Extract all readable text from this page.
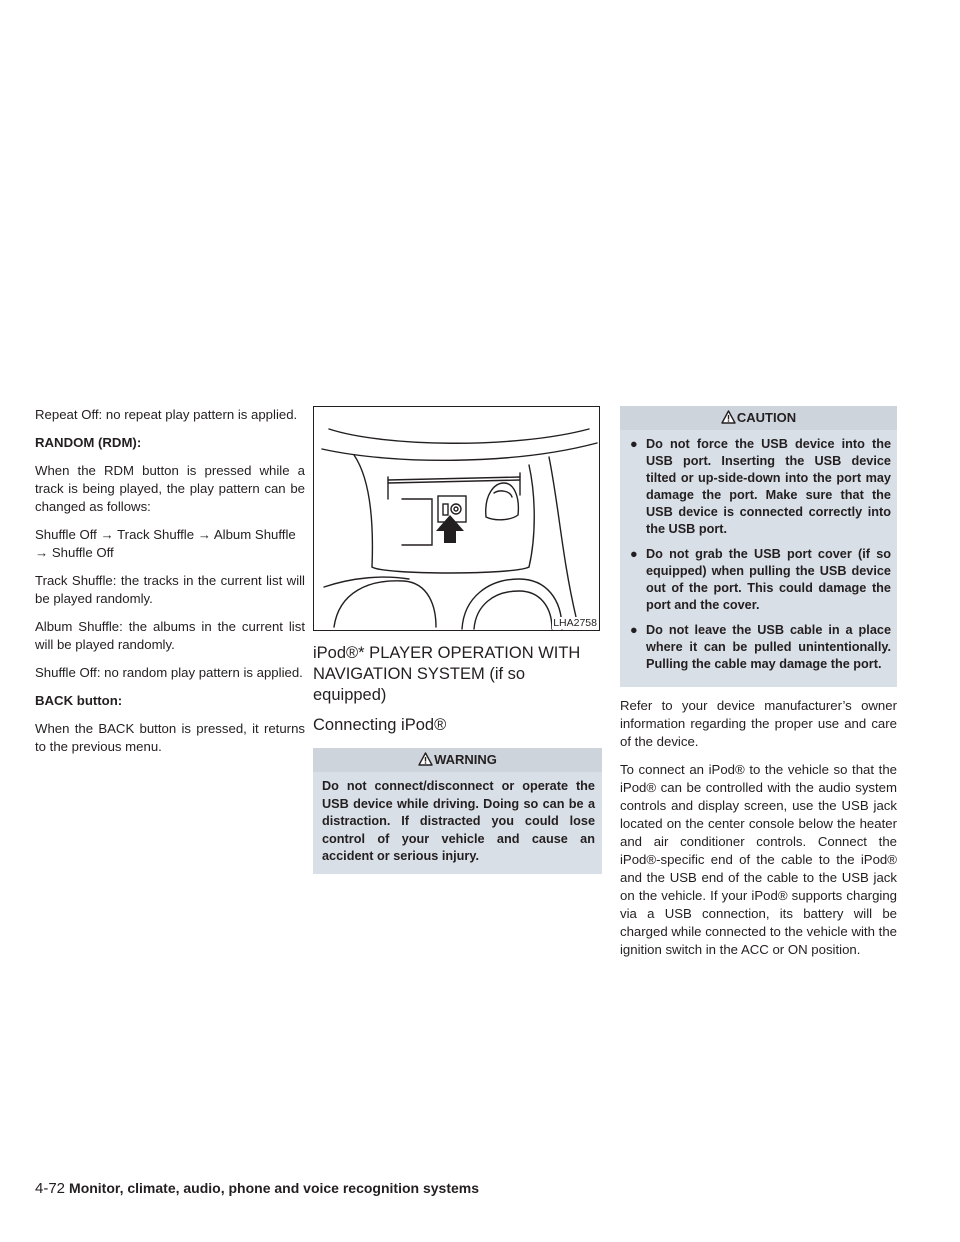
Repeat Off: no repeat play pattern is applied.

RANDOM (RDM):

When the RDM button is pressed while a track is being played, the play pattern can be changed as follows:

Shuffle Off → Track Shuffle → Album Shuffle → Shuffle Off

Track Shuffle: the tracks in the current list will be played randomly.

Album Shuffle: the albums in the current list will be played randomly.

Shuffle Off: no random play pattern is applied.

BACK button:

When the BACK button is pressed, it returns to the previous menu.

LHA2758
iPod®* PLAYER OPERATION WITH NAVIGATION SYSTEM (if so equipped)
Connecting iPod®
WARNING
Do not connect/disconnect or operate the USB device while driving. Doing so can be a distraction. If distracted you could lose control of your vehicle and cause an accident or serious injury.
CAUTION
● Do not force the USB device into the USB port. Inserting the USB device tilted or up-side-down into the port may damage the port. Make sure that the USB device is connected correctly into the USB port.
● Do not grab the USB port cover (if so equipped) when pulling the USB device out of the port. This could damage the port and the cover.
● Do not leave the USB cable in a place where it can be pulled unintentionally. Pulling the cable may damage the port.

Refer to your device manufacturer’s owner information regarding the proper use and care of the device.

To connect an iPod® to the vehicle so that the iPod® can be controlled with the audio system controls and display screen, use the USB jack located on the center console below the heater and air conditioner controls. Connect the iPod®-specific end of the cable to the iPod® and the USB end of the cable to the USB jack on the vehicle. If your iPod® supports charging via a USB connection, its battery will be charged while connected to the vehicle with the ignition switch in the ACC or ON position.

4-72 Monitor, climate, audio, phone and voice recognition systems
